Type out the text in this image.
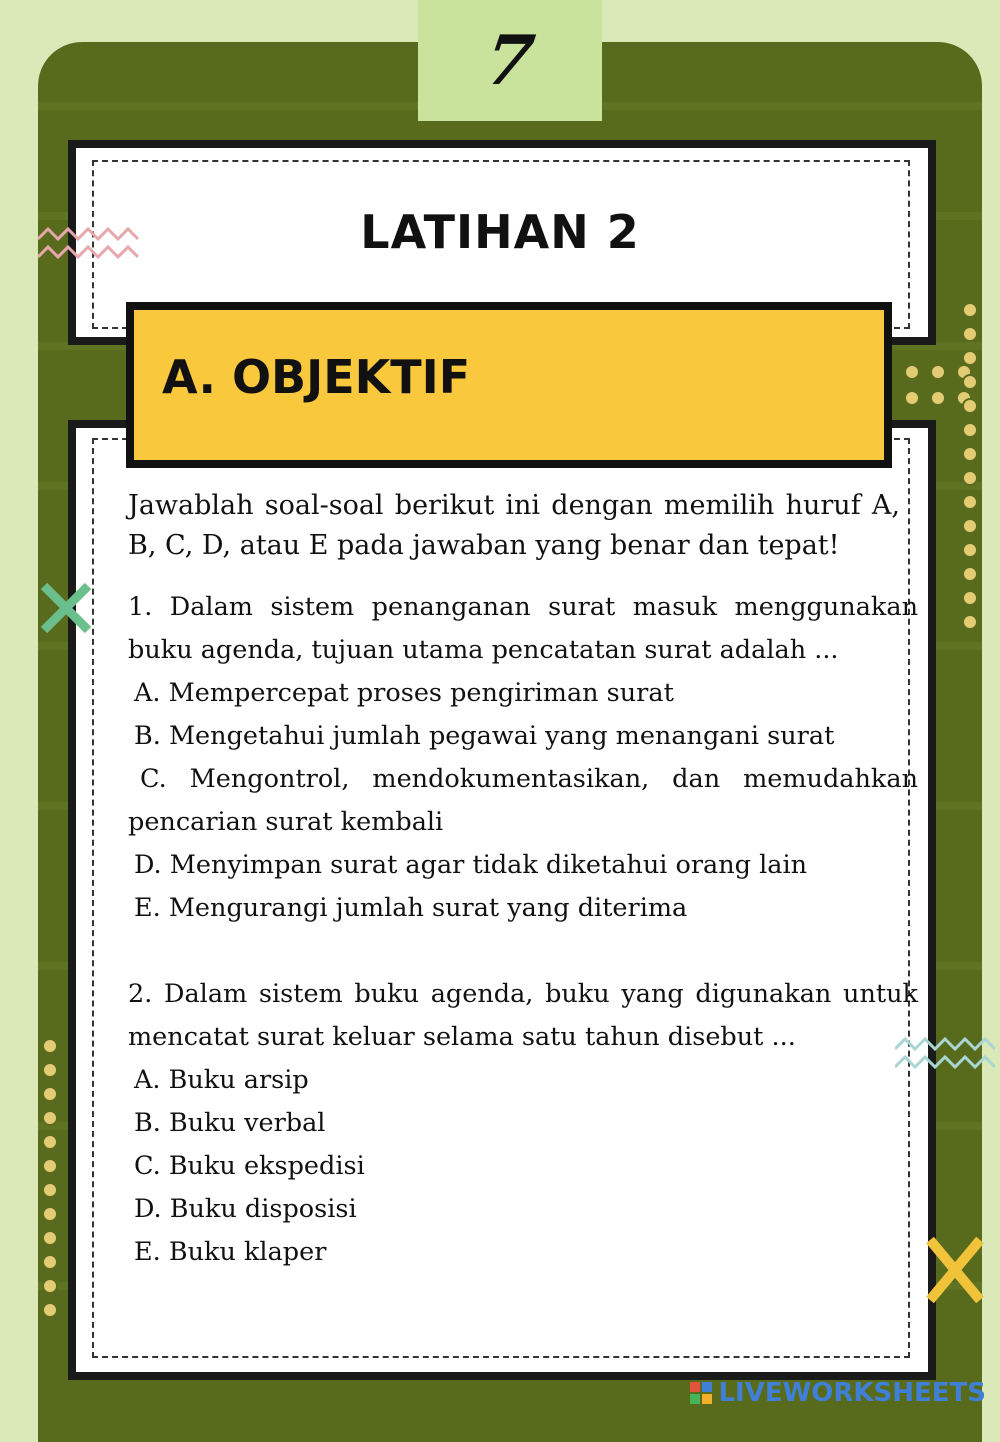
7
LATIHAN 2
A. OBJEKTIF

Jawablah soal-soal berikut ini dengan memilih huruf A, B, C, D, atau E pada jawaban yang benar dan tepat!

1. Dalam sistem penanganan surat masuk menggunakan buku agenda, tujuan utama pencatatan surat adalah ...

A. Mempercepat proses pengiriman surat

B. Mengetahui jumlah pegawai yang menangani surat

C. Mengontrol, mendokumentasikan, dan memudahkan pencarian surat kembali

D. Menyimpan surat agar tidak diketahui orang lain

E. Mengurangi jumlah surat yang diterima

2. Dalam sistem buku agenda, buku yang digunakan untuk mencatat surat keluar selama satu tahun disebut ...

A. Buku arsip

B. Buku verbal

C. Buku ekspedisi

D. Buku disposisi

E. Buku klaper

LIVEWORKSHEETS
